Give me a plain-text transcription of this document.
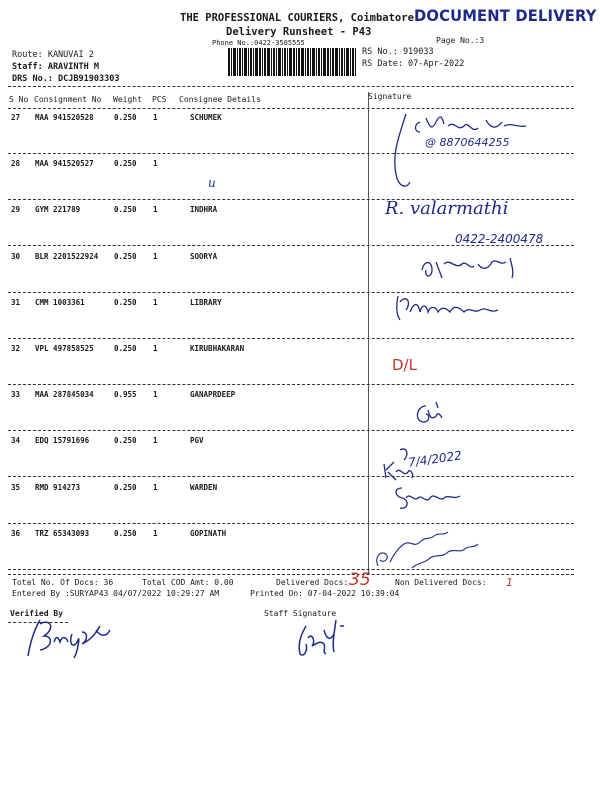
THE PROFESSIONAL COURIERS, Coimbatore
Delivery Runsheet - P43
Phone No.:0422-3505555
DOCUMENT DELIVERY
Page No.:3
Route: KANUVAI 2
Staff: ARAVINTH M
DRS No.: DCJB91903303
RS No.: 919033
RS Date: 07-Apr-2022
S No Consignment No Weight PCS Consignee Details	Signature
27 MAA 941520528	0.250 1	SCHUMEK
28 MAA 941520527	0.250 1
29 GYM 221789	0.250 1	INDHRA
30 BLR 2201522924 0.250 1	SOORYA
31 CMM 1003361	0.250 1	LIBRARY
32 VPL 497858525	0.250 1	KIRUBHAKARAN
33 MAA 287845034	0.955 1	GANAPRDEEP
34 EDQ 15791696	0.250 1	PGV
35 RMD 914273	0.250 1	WARDEN
36 TRZ 65343093	0.250 1	GOPINATH
@ 8870644255
u
R. valarmathi
0422-2400478
D/L
7/4/2022
Total No. Of Docs: 36	Total COD Amt: 0.00	Delivered Docs: 35	Non Delivered Docs: 1
Entered By :SURYAP43 04/07/2022 10:29:27 AM	Printed On: 07-04-2022 10:39:04
Verified By	Staff Signature
